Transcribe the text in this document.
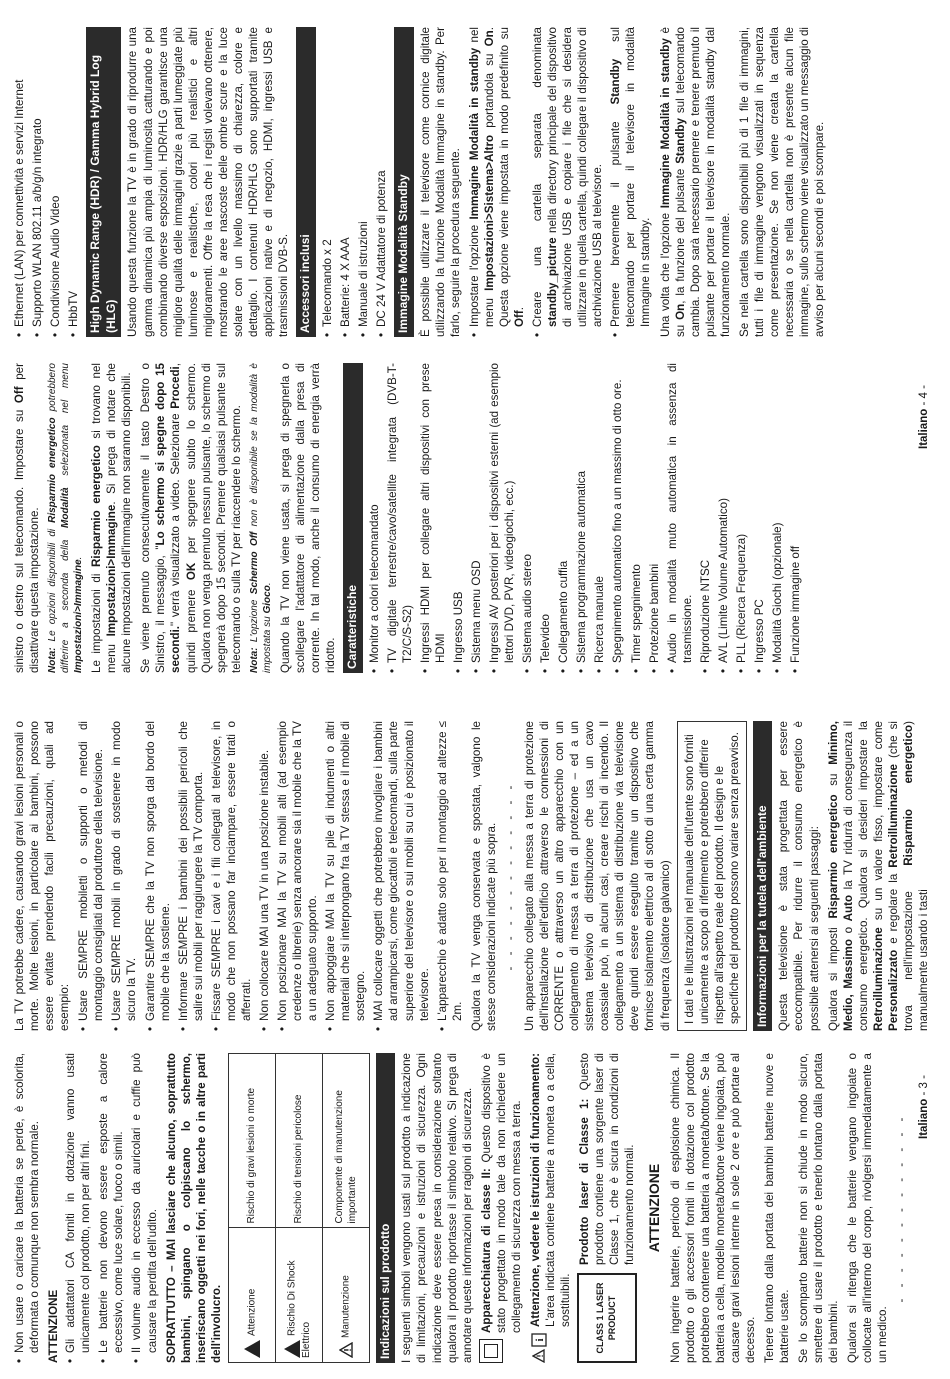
• Non usare o caricare la batteria se perde, è scolorita, deformata o comunque non sembra normale. ATTENZIONE • Gli adattatori CA forniti in dotazione vanno usati unicamente col prodotto, non per altri fini. • Le batterie non devono essere esposte a calore eccessivo, come luce solare, fuoco o simili. • Il volume audio in eccesso da auricolari e cuffie può causare la perdita dell'udito. SOPRATTUTTO – MAI lasciare che alcuno, soprattutto bambini, spingano o colpiscano lo schermo, inseriscano oggetti nei fori, nelle tacche o in altre parti dell'involucro. Attenzione	Rischio di gravi lesioni o morte
Rischio Di Shock Elettrico	Rischio di tensioni pericolose
Manutenzione	Componente di manutenzione importante
Indicazioni sul prodotto I seguenti simboli vengono usati sul prodotto a indicazione di limitazioni, precauzioni e istruzioni di sicurezza. Ogni indicazione deve essere presa in considerazione soltanto qualora il prodotto riportasse il simbolo relativo. Si prega di annotare queste informazioni per ragioni di sicurezza. Apparecchiatura di classe II: Questo dispositivo è stato progettato in modo tale da non richiedere un collegamento di sicurezza con messa a terra.

i

Attenzione, vedere le istruzioni di funzionamento: L'area indicata contiene batterie a moneta o a cella, sostituibili.	CLASS 1 LASER PRODUCT

Prodotto laser di Classe 1: Questo prodotto contiene una sorgente laser di Classe 1, che è sicura in condizioni di funzionamento normali. ATTENZIONE Non ingerire batterie, pericolo di esplosione chimica. Il prodotto o gli accessori forniti in dotazione col prodotto potrebbero contenere una batteria a moneta/bottone. Se la batteria a cella, modello moneta/bottone viene ingoiata, può causare gravi lesioni interne in sole 2 ore e può portare al decesso. Tenere lontano dalla portata dei bambini batterie nuove e batterie usate. Se lo scomparto batterie non si chiude in modo sicuro, smettere di usare il prodotto e tenerlo lontano dalla portata dei bambini. Qualora si ritenga che le batterie vengano ingoiate o collocate all'interno del corpo, rivolgersi immediatamente a un medico.

- - - - - - - - - - - - -

La TV potrebbe cadere, causando gravi lesioni personali o morte. Molte lesioni, in particolare ai bambini, possono essere evitate prendendo facili precauzioni, quali ad esempio: • Usare SEMPRE mobiletti o supporti o metodi di montaggio consigliati dal produttore della televisione. • Usare SEMPRE mobili in grado di sostenere in modo sicuro la TV. • Garantire SEMPRE che la TV non sporga dal bordo del mobile che la sostiene. • Informare SEMPRE i bambini dei possibili pericoli che salire sui mobili per raggiungere la TV comporta. • Fissare SEMPRE i cavi e i fili collegati al televisore, in modo che non possano far inciampare, essere tirati o afferrati. • Non collocare MAI una TV in una posizione instabile. • Non posizionare MAI la TV su mobili alti (ad esempio credenze o librerie) senza ancorare sia il mobile che la TV a un adeguato supporto. • Non appoggiare MAI la TV su pile di indumenti o altri materiali che si interpongano fra la TV stessa e il mobile di sostegno. • MAI collocare oggetti che potrebbero invogliare i bambini ad arrampicarsi, come giocattoli e telecomandi, sulla parte superiore del televisore o sui mobili su cui è posizionato il televisore. • L'apparecchio è adatto solo per il montaggio ad altezze ≤ 2m. Qualora la TV venga conservata e spostata, valgono le stesse considerazioni indicate più sopra. - - - - - - - - - - - - - Un apparecchio collegato alla messa a terra di protezione dell'installazione dell'edificio attraverso le connessioni di CORRENTE o attraverso un altro apparecchio con un collegamento di messa a terra di protezione – ed a un sistema televisivo di distribuzione che usa un cavo coassiale può, in alcuni casi, creare rischi di incendio. Il collegamento a un sistema di distribuzione via televisione deve quindi essere eseguito tramite un dispositivo che fornisce isolamento elettrico al di sotto di una certa gamma di frequenza (isolatore galvanico) I dati e le illustrazioni nel manuale dell'utente sono forniti unicamente a scopo di riferimento e potrebbero differire rispetto all'aspetto reale del prodotto. Il design e le specifiche del prodotto possono variare senza preavviso.	Informazioni per la tutela dell'ambiente Questa televisione è stata progettata per essere ecocompatibile. Per ridurre il consumo energetico è possibile attenersi ai seguenti passaggi: Qualora si imposti Risparmio energetico su Minimo, Medio, Massimo o Auto la TV ridurrà di conseguenza il consumo energetico. Qualora si desideri impostare la Retroilluminazione su un valore fisso, impostare come Personalizzato e regolare la Retroilluminazione (che si trova nell'impostazione Risparmio energetico) manualmente usando i tasti

sinistro o destro sul telecomando. Impostare su Off per disattivare questa impostazione. Nota: Le opzioni disponibili di Risparmio energetico potrebbero differire a seconda della Modalità selezionata nel menu Impostazioni>Immagine.

Le impostazioni di Risparmio energetico si trovano nel menu Impostazioni>Immagine. Si prega di notare che alcune impostazioni dell'immagine non saranno disponibili. Se viene premuto consecutivamente il tasto Destro o Sinistro, il messaggio, "Lo schermo si spegne dopo 15 secondi." verrà visualizzato a video. Selezionare Procedi, quindi premere OK per spegnere subito lo schermo. Qualora non venga premuto nessun pulsante, lo schermo di spegnerà dopo 15 secondi. Premere qualsiasi pulsante sul telecomando o sulla TV per riaccendere lo schermo. Nota: L'opzione Schermo Off non è disponibile se la modalità è impostata su Gioco. Quando la TV non viene usata, si prega di spegnerla o scollegare l'adattatore di alimentazione dalla presa di corrente. In tal modo, anche il consumo di energia verrà ridotto. Caratteristiche • Monitor a colori telecomandato • TV digitale terrestre/cavo/satellite integrata (DVB-T-T2/C/S-S2) • Ingressi HDMI per collegare altri dispositivi con prese HDMI • Ingresso USB • Sistema menu OSD • Ingressi AV posteriori per i dispositivi esterni (ad esempio lettori DVD, PVR, videogiochi, ecc.) • Sistema audio stereo • Televideo • Collegamento cuffia • Sistema programmazione automatica • Ricerca manuale • Spegnimento automatico fino a un massimo di otto ore. • Timer spegnimento • Protezione bambini • Audio in modalità muto automatica in assenza di trasmissione. • Riproduzione NTSC • AVL (Limite Volume Automatico) • PLL (Ricerca Frequenza) • Ingresso PC • Modalità Giochi (opzionale) • Funzione immagine off
• Ethernet (LAN) per connettività e servizi Internet • Supporto WLAN 802.11 a/b/g/n integrato • Condivisione Audio Video • HbbTV High Dynamic Range (HDR) / Gamma Hybrid Log (HLG) Usando questa funzione la TV è in grado di riprodurre una gamma dinamica più ampia di luminosità catturando e poi combinando diverse esposizioni. HDR/HLG garantisce una migliore qualità delle immagini grazie a parti lumeggiate più luminose e realistiche, colori più realistici e altri miglioramenti. Offre la resa che i registi volevano ottenere, mostrando le aree nascoste delle ombre scure e la luce solare con un livello massimo di chiarezza, colore e dettaglio. I contenuti HDR/HLG sono supportati tramite applicazioni native e di negozio, HDMI, ingressi USB e trasmissioni DVB-S. Accessori inclusi • Telecomando x 2 • Batterie: 4 X AAA • Manuale di istruzioni • DC 24 V Adattatore di potenza Immagine Modalità Standby È possibile utilizzare il televisore come cornice digitale utilizzando la funzione Modalità Immagine in standby. Per farlo, seguire la procedura seguente. • Impostare l'opzione Immagine Modalità in standby nel menu Impostazioni>Sistema>Altro portandola su On. Questa opzione viene impostata in modo predefinito su Off. • Creare una cartella separata denominata standby_picture nella directory principale del dispositivo di archiviazione USB e copiare i file che si desidera utilizzare in quella cartella, quindi collegare il dispositivo di archiviazione USB al televisore. • Premere brevemente il pulsante Standby sul telecomando per portare il televisore in modalità Immagine in standby. Una volta che l'opzione Immagine Modalità in standby è su On, la funzione del pulsante Standby sul telecomando cambia. Dopo sarà necessario premere e tenere premuto il pulsante per portare il televisore in modalità standby dal funzionamento normale. Se nella cartella sono disponibili più di 1 file di immagini, tutti i file di immagine vengono visualizzati in sequenza come presentazione. Se non viene creata la cartella necessaria o se nella cartella non è presente alcun file immagine, sullo schermo viene visualizzato un messaggio di avviso per alcuni secondi e poi scompare.

Italiano - 3 -
Italiano - 4 -
